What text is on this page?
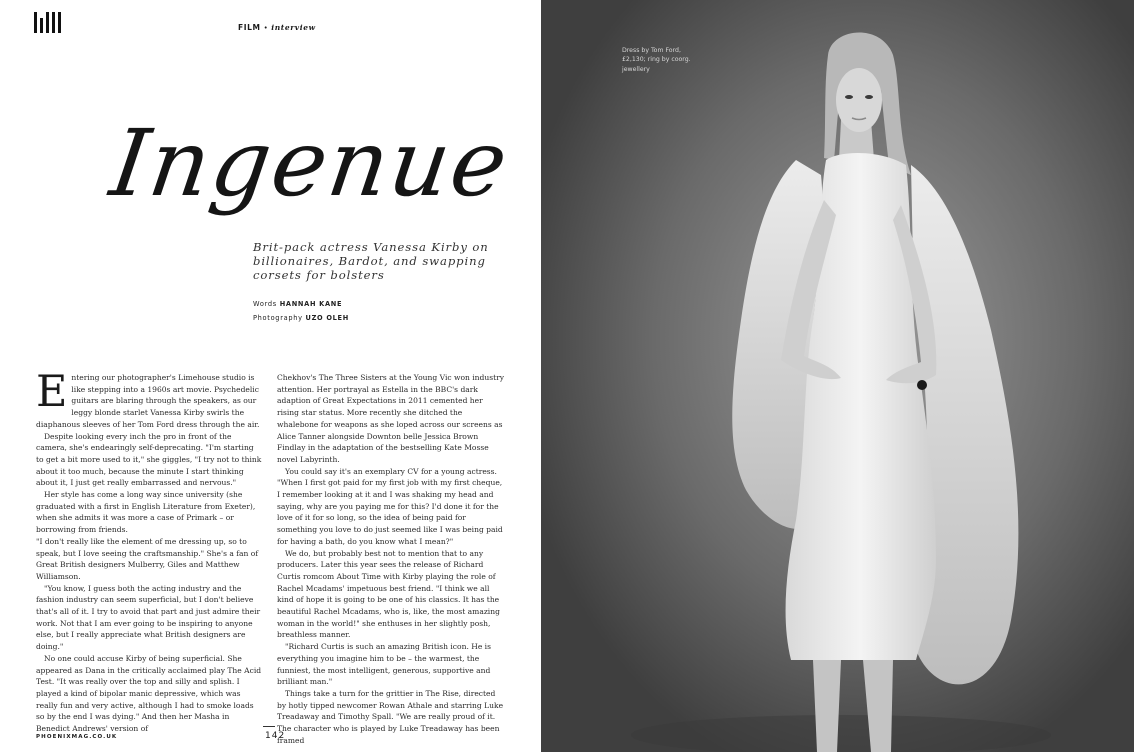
FILM • interview
Ingenue
Brit-pack actress Vanessa Kirby on billionaires, Bardot, and swapping corsets for bolsters
Words HANNAH KANE
Photography UZO OLEH
E ntering our photographer's Limehouse studio is like stepping into a 1960s art movie. Psychedelic guitars are blaring through the speakers, as our leggy blonde starlet Vanessa Kirby swirls the diaphanous sleeves of her Tom Ford dress through the air.

Despite looking every inch the pro in front of the camera, she's endearingly self-deprecating. "I'm starting to get a bit more used to it," she giggles, "I try not to think about it too much, because the minute I start thinking about it, I just get really embarrassed and nervous."

Her style has come a long way since university (she graduated with a first in English Literature from Exeter), when she admits it was more a case of Primark – or borrowing from friends.

"I don't really like the element of me dressing up, so to speak, but I love seeing the craftsmanship." She's a fan of Great British designers Mulberry, Giles and Matthew Williamson.

"You know, I guess both the acting industry and the fashion industry can seem superficial, but I don't believe that's all of it. I try to avoid that part and just admire their work. Not that I am ever going to be inspiring to anyone else, but I really appreciate what British designers are doing."

No one could accuse Kirby of being superficial. She appeared as Dana in the critically acclaimed play The Acid Test. "It was really over the top and silly and splish. I played a kind of bipolar manic depressive, which was really fun and very active, although I had to smoke loads so by the end I was dying." And then her Masha in Benedict Andrews' version of

Chekhov's The Three Sisters at the Young Vic won industry attention. Her portrayal as Estella in the BBC's dark adaption of Great Expectations in 2011 cemented her rising star status. More recently she ditched the whalebone for weapons as she loped across our screens as Alice Tanner alongside Downton belle Jessica Brown Findlay in the adaptation of the bestselling Kate Mosse novel Labyrinth.

You could say it's an exemplary CV for a young actress. "When I first got paid for my first job with my first cheque, I remember looking at it and I was shaking my head and saying, why are you paying me for this? I'd done it for the love of it for so long, so the idea of being paid for something you love to do just seemed like I was being paid for having a bath, do you know what I mean?"

We do, but probably best not to mention that to any producers. Later this year sees the release of Richard Curtis romcom About Time with Kirby playing the role of Rachel Mcadams' impetuous best friend. "I think we all kind of hope it is going to be one of his classics. It has the beautiful Rachel Mcadams, who is, like, the most amazing woman in the world!" she enthuses in her slightly posh, breathless manner.

"Richard Curtis is such an amazing British icon. He is everything you imagine him to be – the warmest, the funniest, the most intelligent, generous, supportive and brilliant man."

Things take a turn for the grittier in The Rise, directed by hotly tipped newcomer Rowan Athale and starring Luke Treadaway and Timothy Spall. "We are really proud of it. The character who is played by Luke Treadaway has been framed

PHOENIXMAG.CO.UK	142

Dress by Tom Ford,

£2,130; ring by coorg.

jewellery
